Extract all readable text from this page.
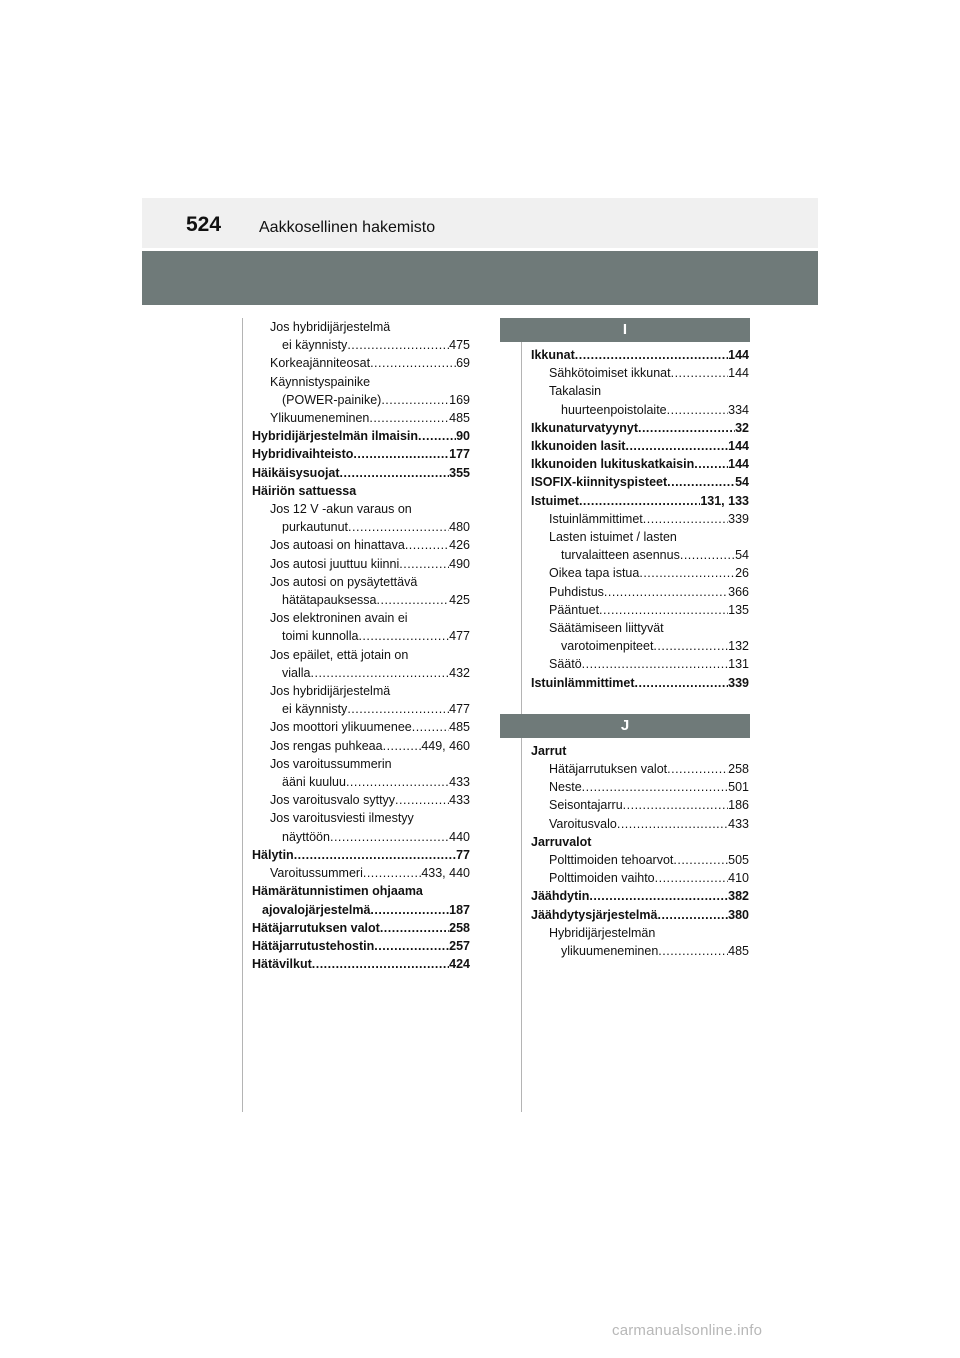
524 Aakkosellinen hakemisto
Jos hybridijärjestelmä
ei käynnisty .....	475
Korkeajänniteosat .....	69
Käynnistyspainike
(POWER-painike) .....	169
Ylikuumeneminen .....	485
Hybridijärjestelmän ilmaisin .....	90
Hybridivaihteisto .....	177
Häikäisysuojat .....	355
Häiriön sattuessa
Jos 12 V -akun varaus on
purkautunut .....	480
Jos autoasi on hinattava .....	426
Jos autosi juuttuu kiinni .....	490
Jos autosi on pysäytettävä
hätätapauksessa .....	425
Jos elektroninen avain ei
toimi kunnolla .....	477
Jos epäilet, että jotain on
vialla .....	432
Jos hybridijärjestelmä
ei käynnisty .....	477
Jos moottori ylikuumenee .....	485
Jos rengas puhkeaa .....	449, 460
Jos varoitussummerin
ääni kuuluu .....	433
Jos varoitusvalo syttyy .....	433
Jos varoitusviesti ilmestyy
näyttöön .....	440
Hälytin .....	77
Varoitussummeri .....	433, 440
Hämärätunnistimen ohjaama
ajovalojärjestelmä .....	187
Hätäjarrutuksen valot .....	258
Hätäjarrutustehostin .....	257
Hätävilkut .....	424
I
Ikkunat .....	144
Sähkötoimiset ikkunat .....	144
Takalasin
huurteenpoistolaite .....	334
Ikkunaturvatyynyt .....	32
Ikkunoiden lasit .....	144
Ikkunoiden lukituskatkaisin .....	144
ISOFIX-kiinnityspisteet .....	54
Istuimet .....	131, 133
Istuinlämmittimet .....	339
Lasten istuimet / lasten
turvalaitteen asennus .....	54
Oikea tapa istua .....	26
Puhdistus .....	366
Pääntuet .....	135
Säätämiseen liittyvät
varotoimenpiteet .....	132
Säätö .....	131
Istuinlämmittimet .....	339
J
Jarrut
Hätäjarrutuksen valot .....	258
Neste .....	501
Seisontajarru .....	186
Varoitusvalo .....	433
Jarruvalot
Polttimoiden tehoarvot .....	505
Polttimoiden vaihto .....	410
Jäähdytin .....	382
Jäähdytysjärjestelmä .....	380
Hybridijärjestelmän
ylikuumeneminen .....	485
carmanualsonline.info
